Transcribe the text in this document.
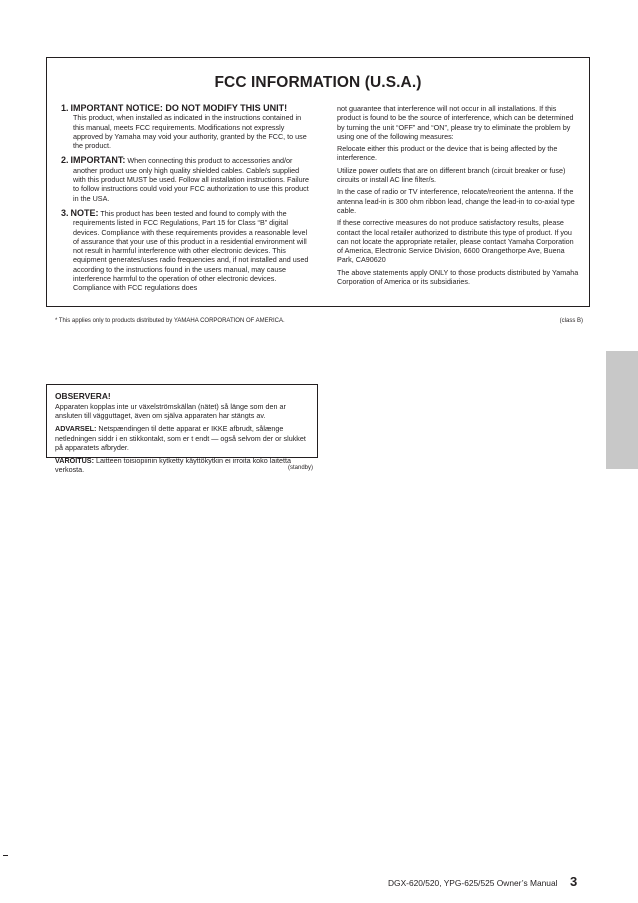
FCC INFORMATION (U.S.A.)
1. IMPORTANT NOTICE: DO NOT MODIFY THIS UNIT!
This product, when installed as indicated in the instructions contained in this manual, meets FCC requirements. Modifications not expressly approved by Yamaha may void your authority, granted by the FCC, to use the product.
2. IMPORTANT: When connecting this product to accessories and/or another product use only high quality shielded cables. Cable/s supplied with this product MUST be used. Follow all installation instructions. Failure to follow instructions could void your FCC authorization to use this product in the USA.
3. NOTE: This product has been tested and found to comply with the requirements listed in FCC Regulations, Part 15 for Class “B” digital devices. Compliance with these requirements provides a reasonable level of assurance that your use of this product in a residential environment will not result in harmful interference with other electronic devices. This equipment generates/uses radio frequencies and, if not installed and used according to the instructions found in the users manual, may cause interference harmful to the operation of other electronic devices. Compliance with FCC regulations does

not guarantee that interference will not occur in all installations. If this product is found to be the source of interference, which can be determined by turning the unit “OFF” and “ON”, please try to eliminate the problem by using one of the following measures:

Relocate either this product or the device that is being affected by the interference.

Utilize power outlets that are on different branch (circuit breaker or fuse) circuits or install AC line filter/s.

In the case of radio or TV interference, relocate/reorient the antenna. If the antenna lead-in is 300 ohm ribbon lead, change the lead-in to co-axial type cable.

If these corrective measures do not produce satisfactory results, please contact the local retailer authorized to distribute this type of product. If you can not locate the appropriate retailer, please contact Yamaha Corporation of America, Electronic Service Division, 6600 Orangethorpe Ave, Buena Park, CA90620

The above statements apply ONLY to those products distributed by Yamaha Corporation of America or its subsidiaries.

* This applies only to products distributed by YAMAHA CORPORATION OF AMERICA.	(class B)
OBSERVERA!

Apparaten kopplas inte ur växelströmskällan (nätet) så länge som den ar ansluten till vägguttaget, även om själva apparaten har stängts av.

ADVARSEL: Netspændingen til dette apparat er IKKE afbrudt, sålænge netledningen siddr i en stikkontakt, som er t endt — også selvom der or slukket på apparatets afbryder.

VAROITUS: Laitteen toisiopiiriin kytketty käyttökytkin ei irroita koko laitetta verkosta.	(standby)
DGX-620/520, YPG-625/525 Owner’s Manual 3
